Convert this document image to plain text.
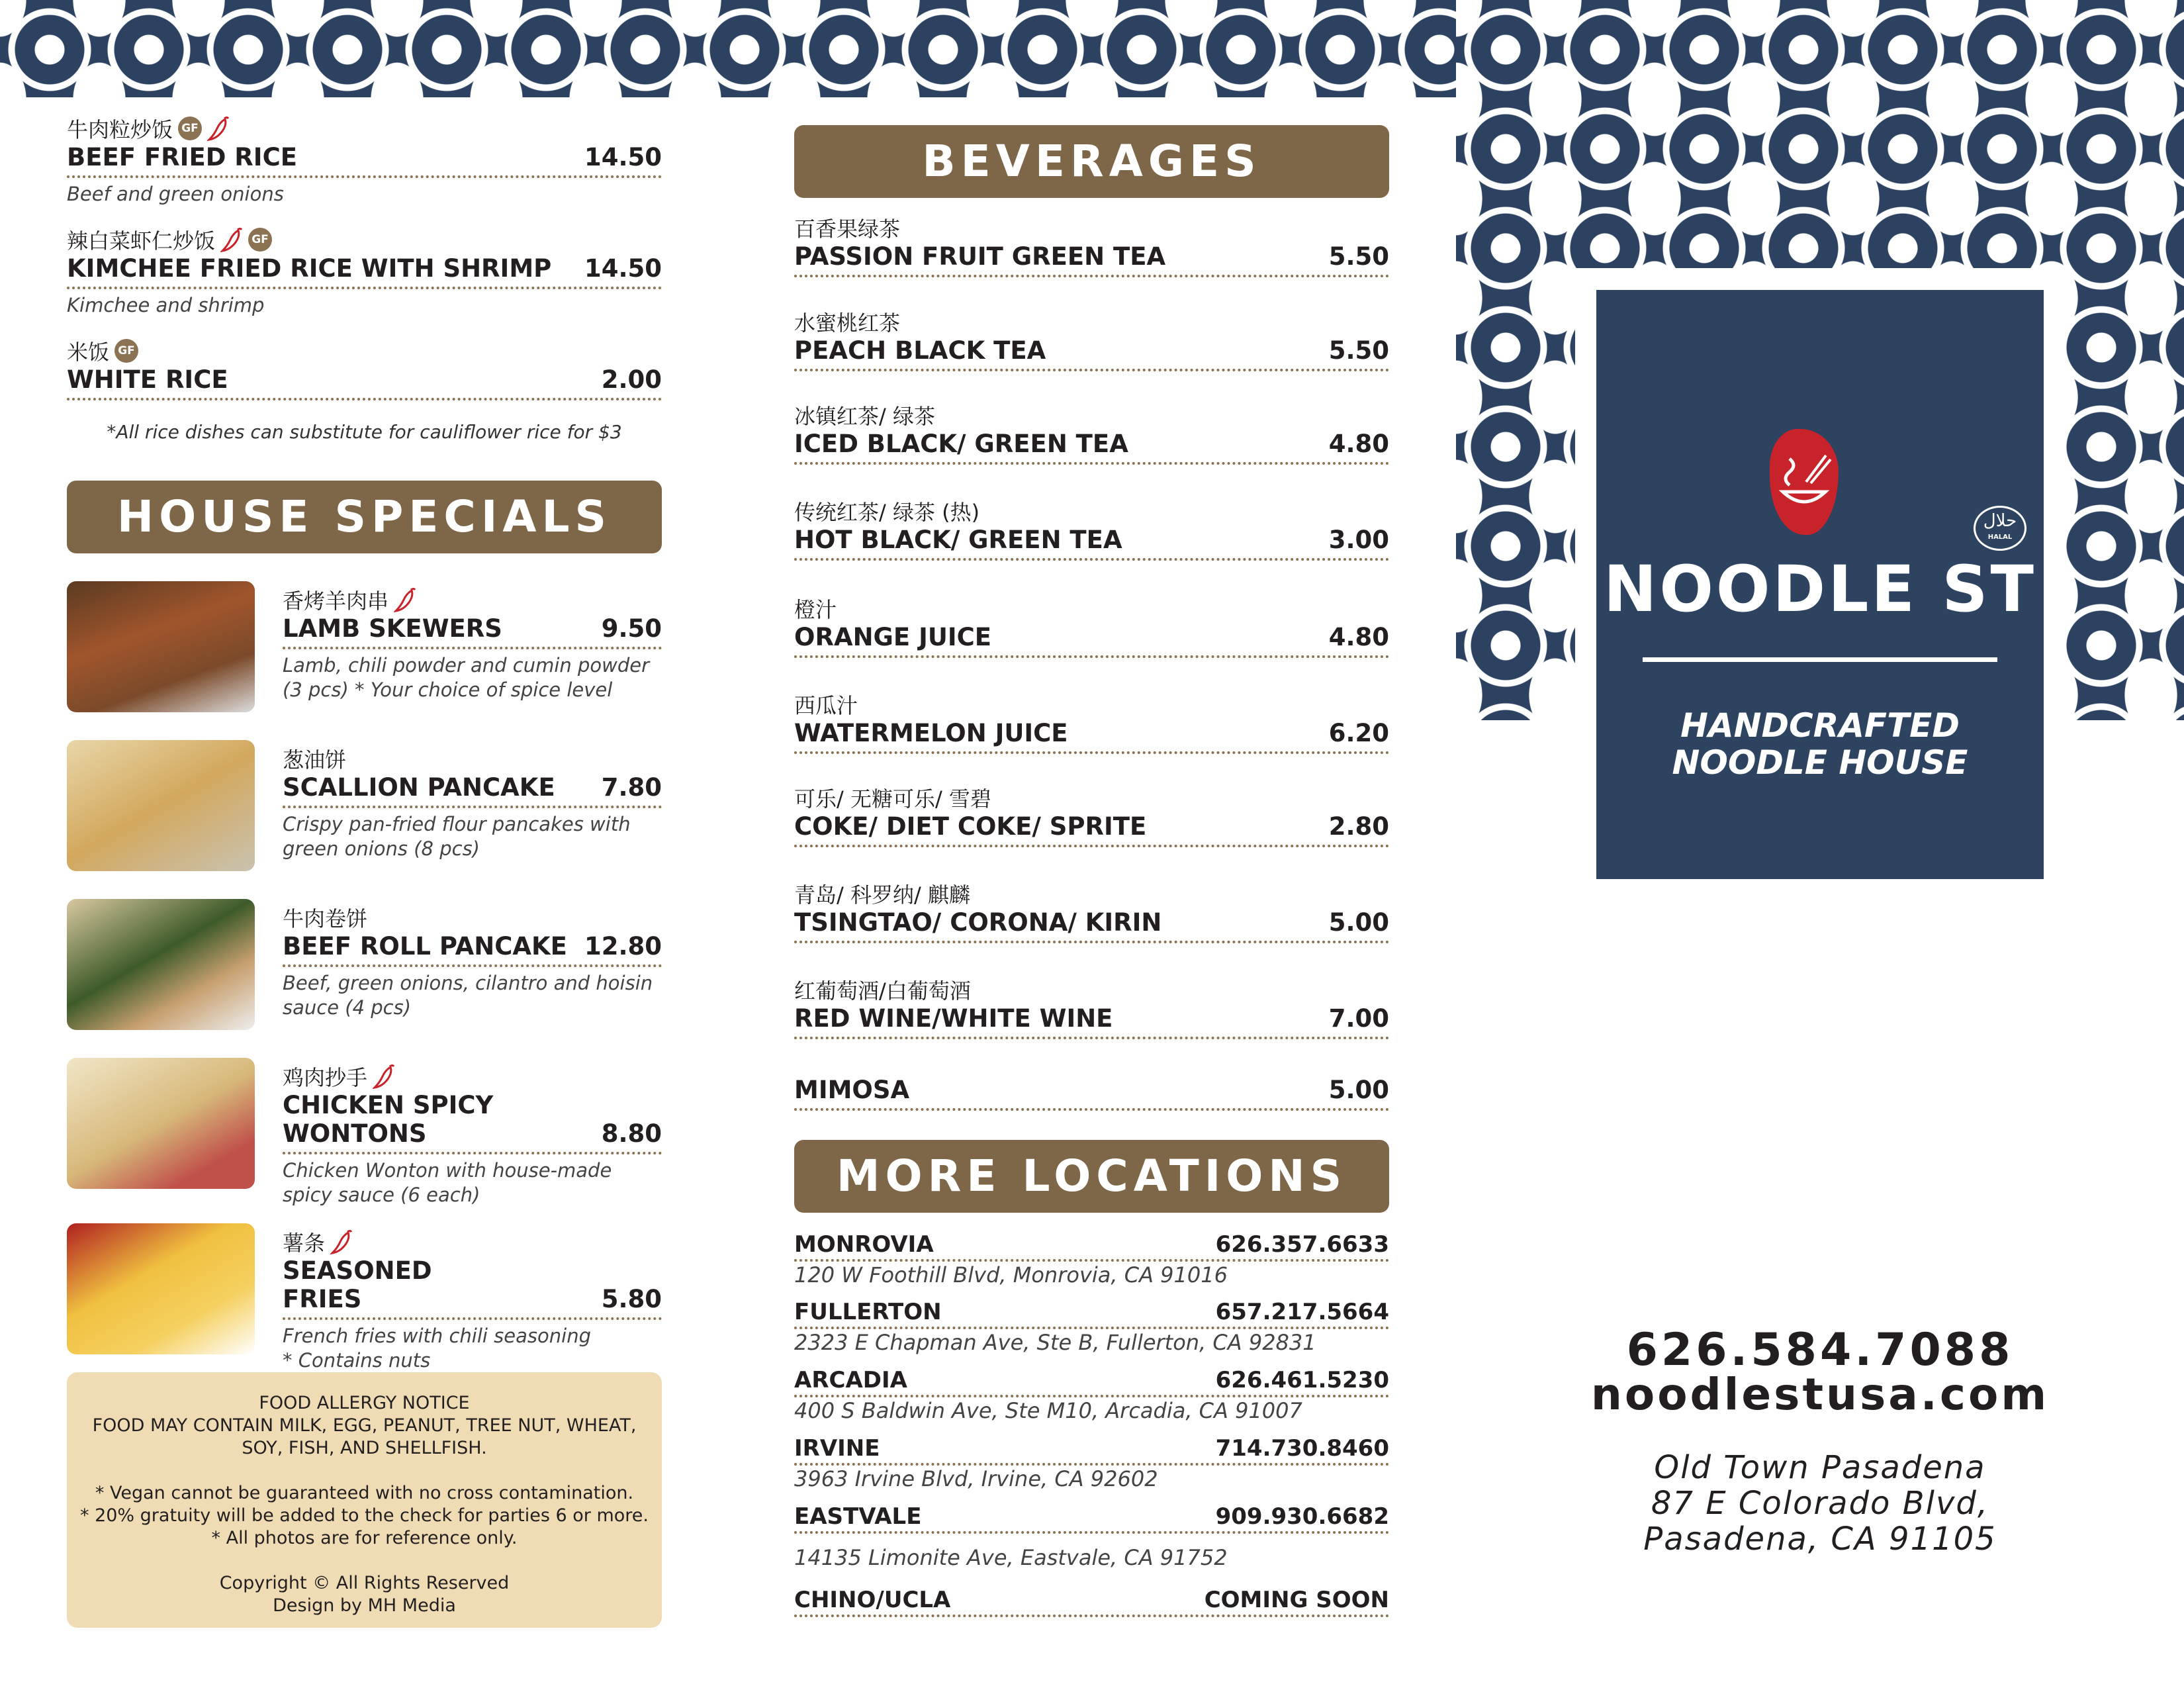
牛肉粒炒饭 GF
BEEF FRIED RICE	14.50
Beef and green onions
辣白菜虾仁炒饭	GF
KIMCHEE FRIED RICE WITH SHRIMP 14.50
Kimchee and shrimp
米饭 GF
WHITE RICE	2.00
*All rice dishes can substitute for cauliflower rice for $3
HOUSE SPECIALS
香烤羊肉串
LAMB SKEWERS	9.50
Lamb, chili powder and cumin powder (3 pcs) * Your choice of spice level
葱油饼
SCALLION PANCAKE 7.80
Crispy pan-fried flour pancakes with green onions (8 pcs)
牛肉卷饼
BEEF ROLL PANCAKE 12.80
Beef, green onions, cilantro and hoisin sauce (4 pcs)
鸡肉抄手
CHICKEN SPICY WONTONS	8.80
Chicken Wonton with house-made spicy sauce (6 each)
薯条
SEASONED FRIES	5.80
French fries with chili seasoning
* Contains nuts
FOOD ALLERGY NOTICE
FOOD MAY CONTAIN MILK, EGG, PEANUT, TREE NUT, WHEAT,
SOY, FISH, AND SHELLFISH.

* Vegan cannot be guaranteed with no cross contamination.
* 20% gratuity will be added to the check for parties 6 or more.
* All photos are for reference only.

Copyright © All Rights Reserved
Design by MH Media
BEVERAGES
百香果绿茶
PASSION FRUIT GREEN TEA	5.50
水蜜桃红茶
PEACH BLACK TEA	5.50
冰镇红茶/ 绿茶
ICED BLACK/ GREEN TEA	4.80
传统红茶/ 绿茶 (热)
HOT BLACK/ GREEN TEA	3.00
橙汁
ORANGE JUICE	4.80
西瓜汁
WATERMELON JUICE	6.20
可乐/ 无糖可乐/ 雪碧
COKE/ DIET COKE/ SPRITE	2.80
青岛/ 科罗纳/ 麒麟
TSINGTAO/ CORONA/ KIRIN	5.00
红葡萄酒/白葡萄酒
RED WINE/WHITE WINE	7.00
MIMOSA	5.00
MORE LOCATIONS
MONROVIA	626.357.6633
120 W Foothill Blvd, Monrovia, CA 91016
FULLERTON	657.217.5664
2323 E Chapman Ave, Ste B, Fullerton, CA 92831
ARCADIA	626.461.5230
400 S Baldwin Ave, Ste M10, Arcadia, CA 91007
IRVINE	714.730.8460
3963 Irvine Blvd, Irvine, CA 92602
EASTVALE	909.930.6682
14135 Limonite Ave, Eastvale, CA 91752
CHINO/UCLA	COMING SOON
حلال
HALAL
NOODLE ST
HANDCRAFTED
NOODLE HOUSE
626.584.7088
noodlestusa.com
Old Town Pasadena
87 E Colorado Blvd,
Pasadena, CA 91105
